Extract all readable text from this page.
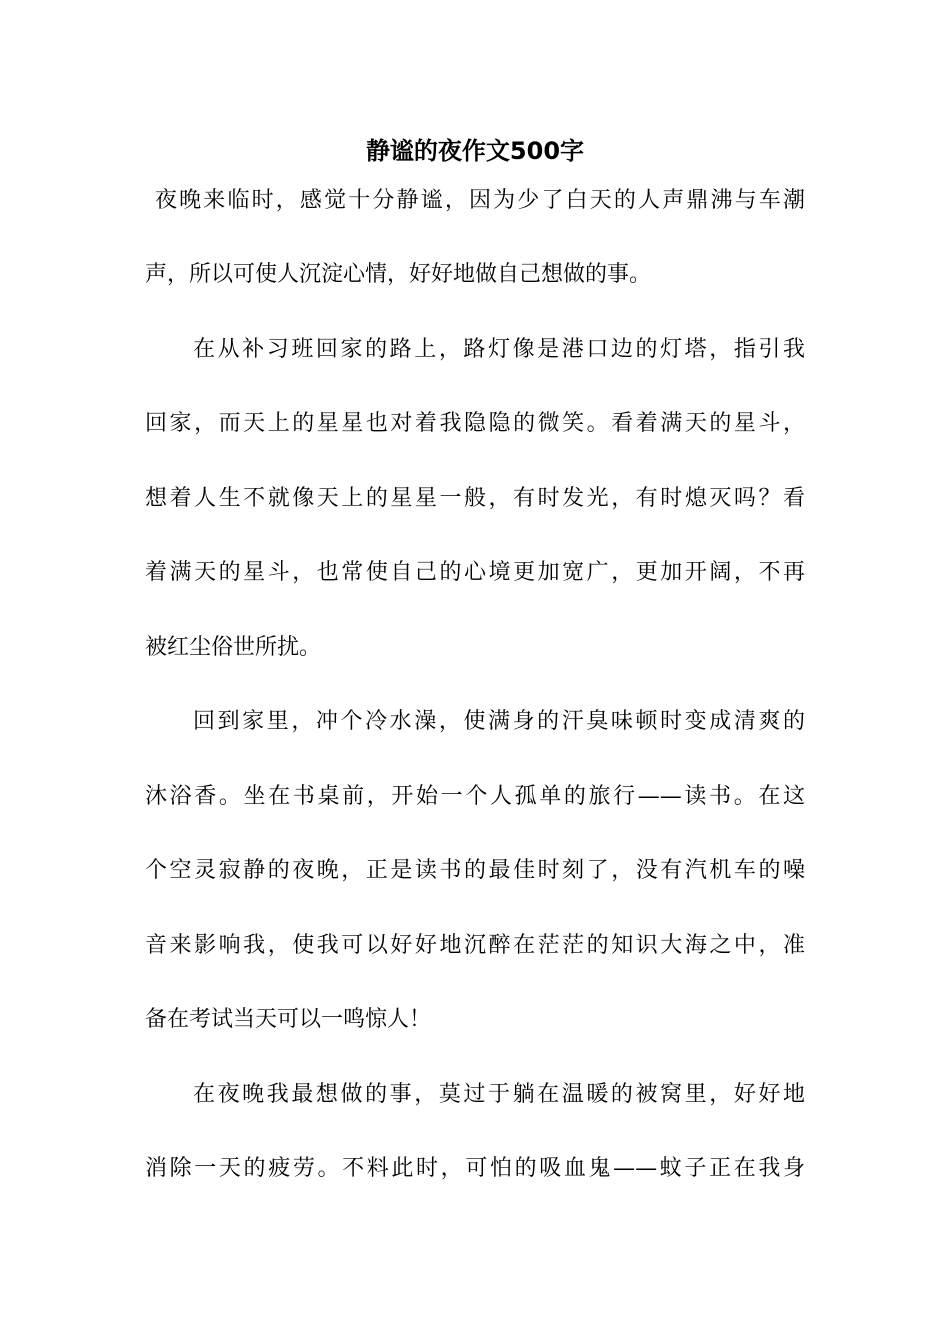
静谧的夜作文500字
夜晚来临时，感觉十分静谧，因为少了白天的人声鼎沸与车潮
声，所以可使人沉淀心情，好好地做自己想做的事。
在从补习班回家的路上，路灯像是港口边的灯塔，指引我
回家，而天上的星星也对着我隐隐的微笑。看着满天的星斗，
想着人生不就像天上的星星一般，有时发光，有时熄灭吗？看
着满天的星斗，也常使自己的心境更加宽广，更加开阔，不再
被红尘俗世所扰。
回到家里，冲个冷水澡，使满身的汗臭味顿时变成清爽的
沐浴香。坐在书桌前，开始一个人孤单的旅行——读书。在这
个空灵寂静的夜晚，正是读书的最佳时刻了，没有汽机车的噪
音来影响我，使我可以好好地沉醉在茫茫的知识大海之中，准
备在考试当天可以一鸣惊人！
在夜晚我最想做的事，莫过于躺在温暖的被窝里，好好地
消除一天的疲劳。不料此时，可怕的吸血鬼——蚊子正在我身
